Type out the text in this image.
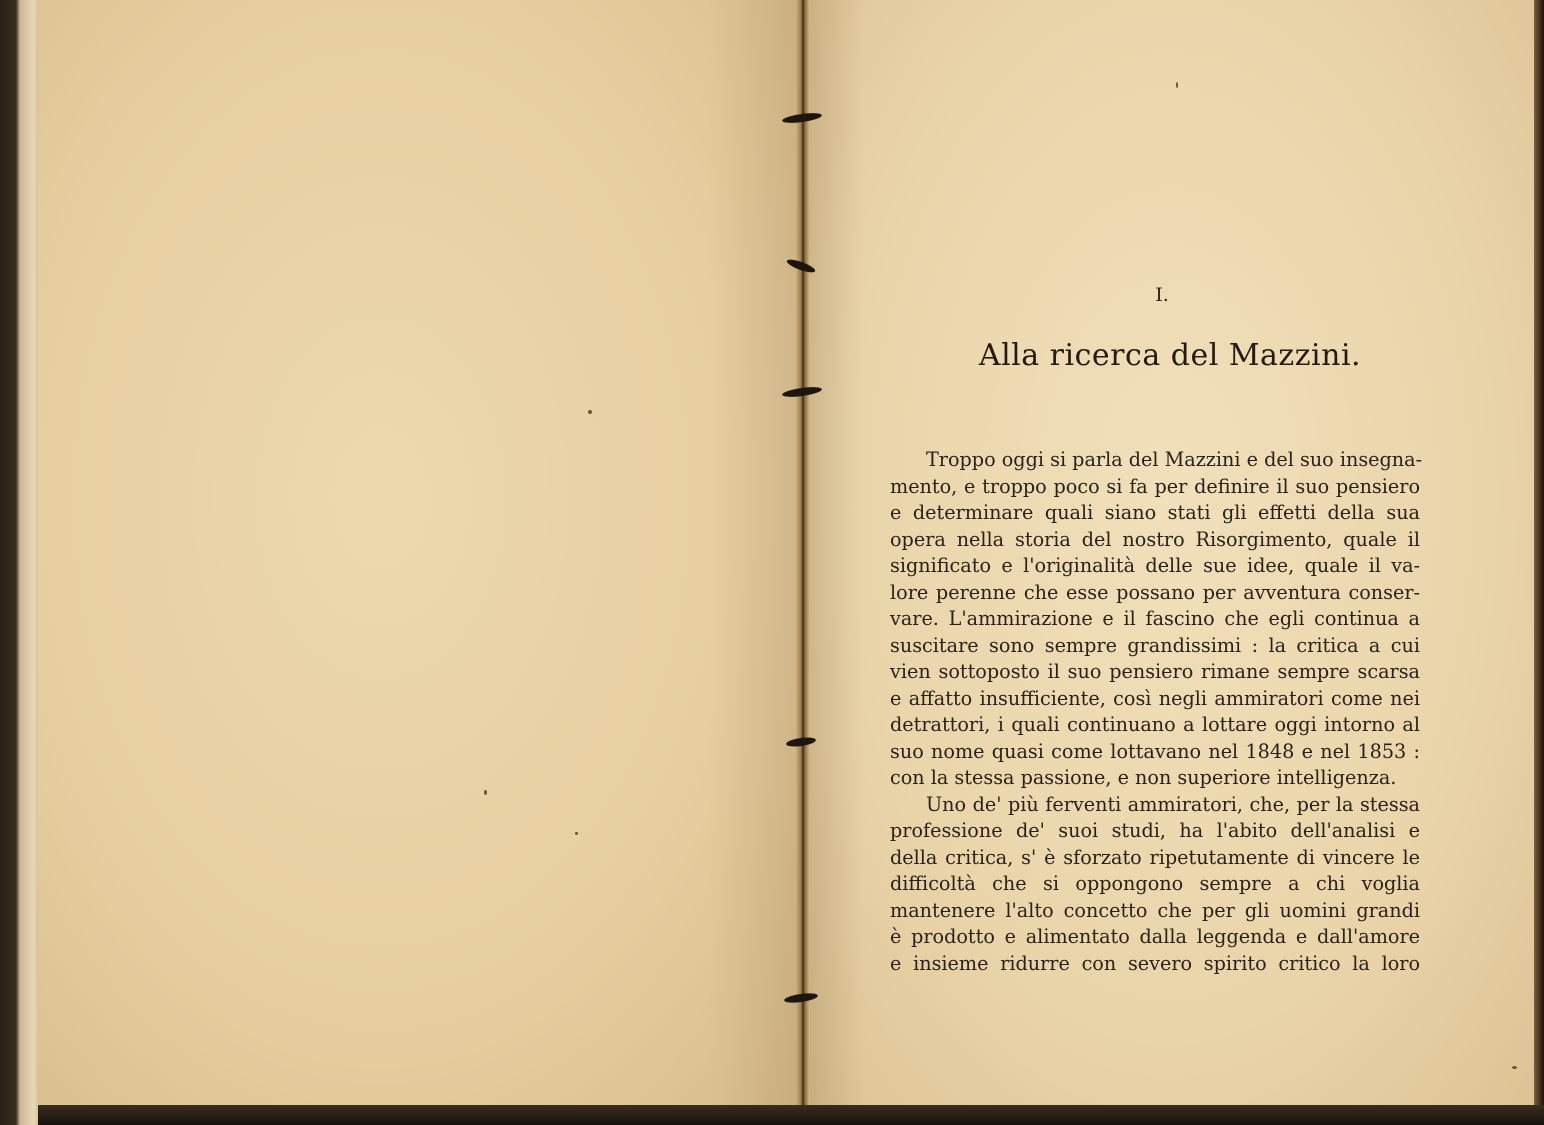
I.
Alla ricerca del Mazzini.
Troppo oggi si parla del Mazzini e del suo insegna-
mento, e troppo poco si fa per definire il suo pensiero
e determinare quali siano stati gli effetti della sua
opera nella storia del nostro Risorgimento, quale il
significato e l'originalità delle sue idee, quale il va-
lore perenne che esse possano per avventura conser-
vare. L'ammirazione e il fascino che egli continua a
suscitare sono sempre grandissimi : la critica a cui
vien sottoposto il suo pensiero rimane sempre scarsa
e affatto insufficiente, così negli ammiratori come nei
detrattori, i quali continuano a lottare oggi intorno al
suo nome quasi come lottavano nel 1848 e nel 1853 :
con la stessa passione, e non superiore intelligenza.
Uno de' più ferventi ammiratori, che, per la stessa
professione de' suoi studi, ha l'abito dell'analisi e
della critica, s' è sforzato ripetutamente di vincere le
difficoltà che si oppongono sempre a chi voglia
mantenere l'alto concetto che per gli uomini grandi
è prodotto e alimentato dalla leggenda e dall'amore
e insieme ridurre con severo spirito critico la loro
